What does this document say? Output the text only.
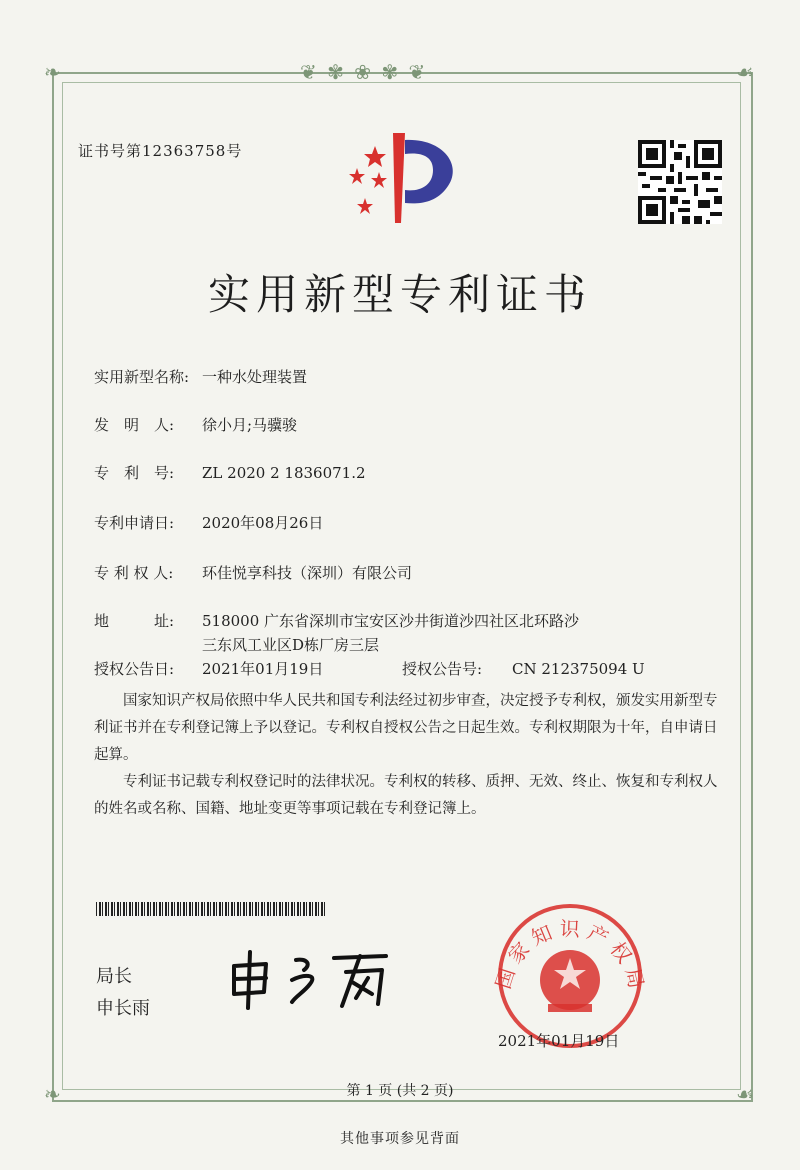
❦ ✾ ❀ ✾ ❦
❧	☙
❧	☙
证书号第12363758号
实用新型专利证书
实用新型名称: 一种水处理装置
发　明　人: 徐小月;马骥骏
专　利　号: ZL 2020 2 1836071.2
专利申请日: 2020年08月26日
专 利 权 人: 环佳悦享科技（深圳）有限公司
地　　　址: 518000 广东省深圳市宝安区沙井街道沙四社区北环路沙
三东风工业区D栋厂房三层
授权公告日: 2021年01月19日	授权公告号: CN 212375094 U
国家知识产权局依照中华人民共和国专利法经过初步审查，决定授予专利权，颁发实用新型专利证书并在专利登记簿上予以登记。专利权自授权公告之日起生效。专利权期限为十年，自申请日起算。
专利证书记载专利权登记时的法律状况。专利权的转移、质押、无效、终止、恢复和专利权人的姓名或名称、国籍、地址变更等事项记载在专利登记簿上。
局长
申长雨
国家知识产权局
2021年01月19日
第 1 页 (共 2 页)
其他事项参见背面
